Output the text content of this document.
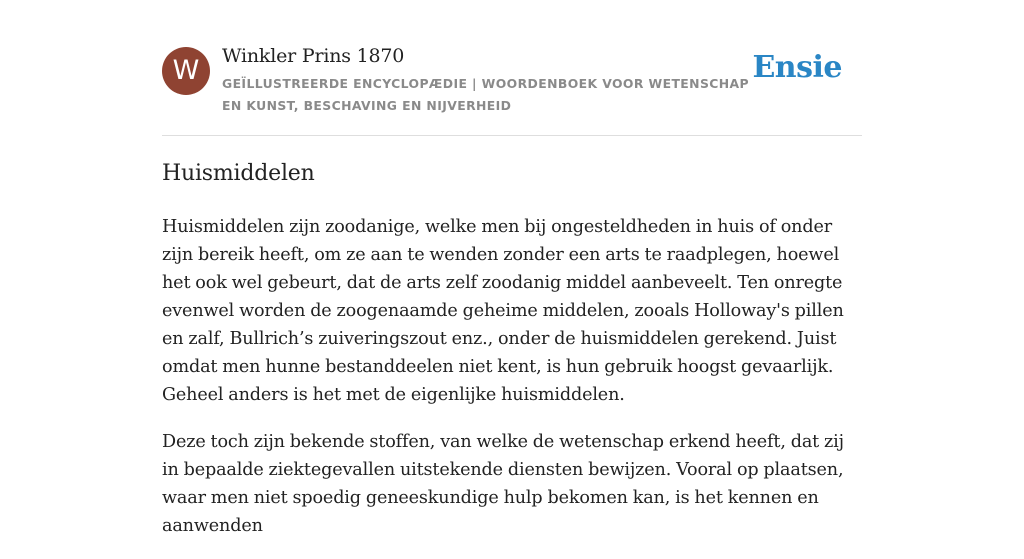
W	Winkler Prins 1870
GEÏLLUSTREERDE ENCYCLOPÆDIE | WOORDENBOEK VOOR WETENSCHAP EN KUNST, BESCHAVING EN NIJVERHEID
Ensie
Huismiddelen

Huismiddelen zijn zoodanige, welke men bij ongesteldheden in huis of onder zijn bereik heeft, om ze aan te wenden zonder een arts te raadplegen, hoewel het ook wel gebeurt, dat de arts zelf zoodanig middel aanbeveelt. Ten onregte evenwel worden de zoogenaamde geheime middelen, zooals Holloway's pillen en zalf, Bullrich’s zuiveringszout enz., onder de huismiddelen gerekend. Juist omdat men hunne bestanddeelen niet kent, is hun gebruik hoogst gevaarlijk. Geheel anders is het met de eigenlijke huismiddelen.

Deze toch zijn bekende stoffen, van welke de wetenschap erkend heeft, dat zij in bepaalde ziektegevallen uitstekende diensten bewijzen. Vooral op plaatsen, waar men niet spoedig geneeskundige hulp bekomen kan, is het kennen en aanwenden
